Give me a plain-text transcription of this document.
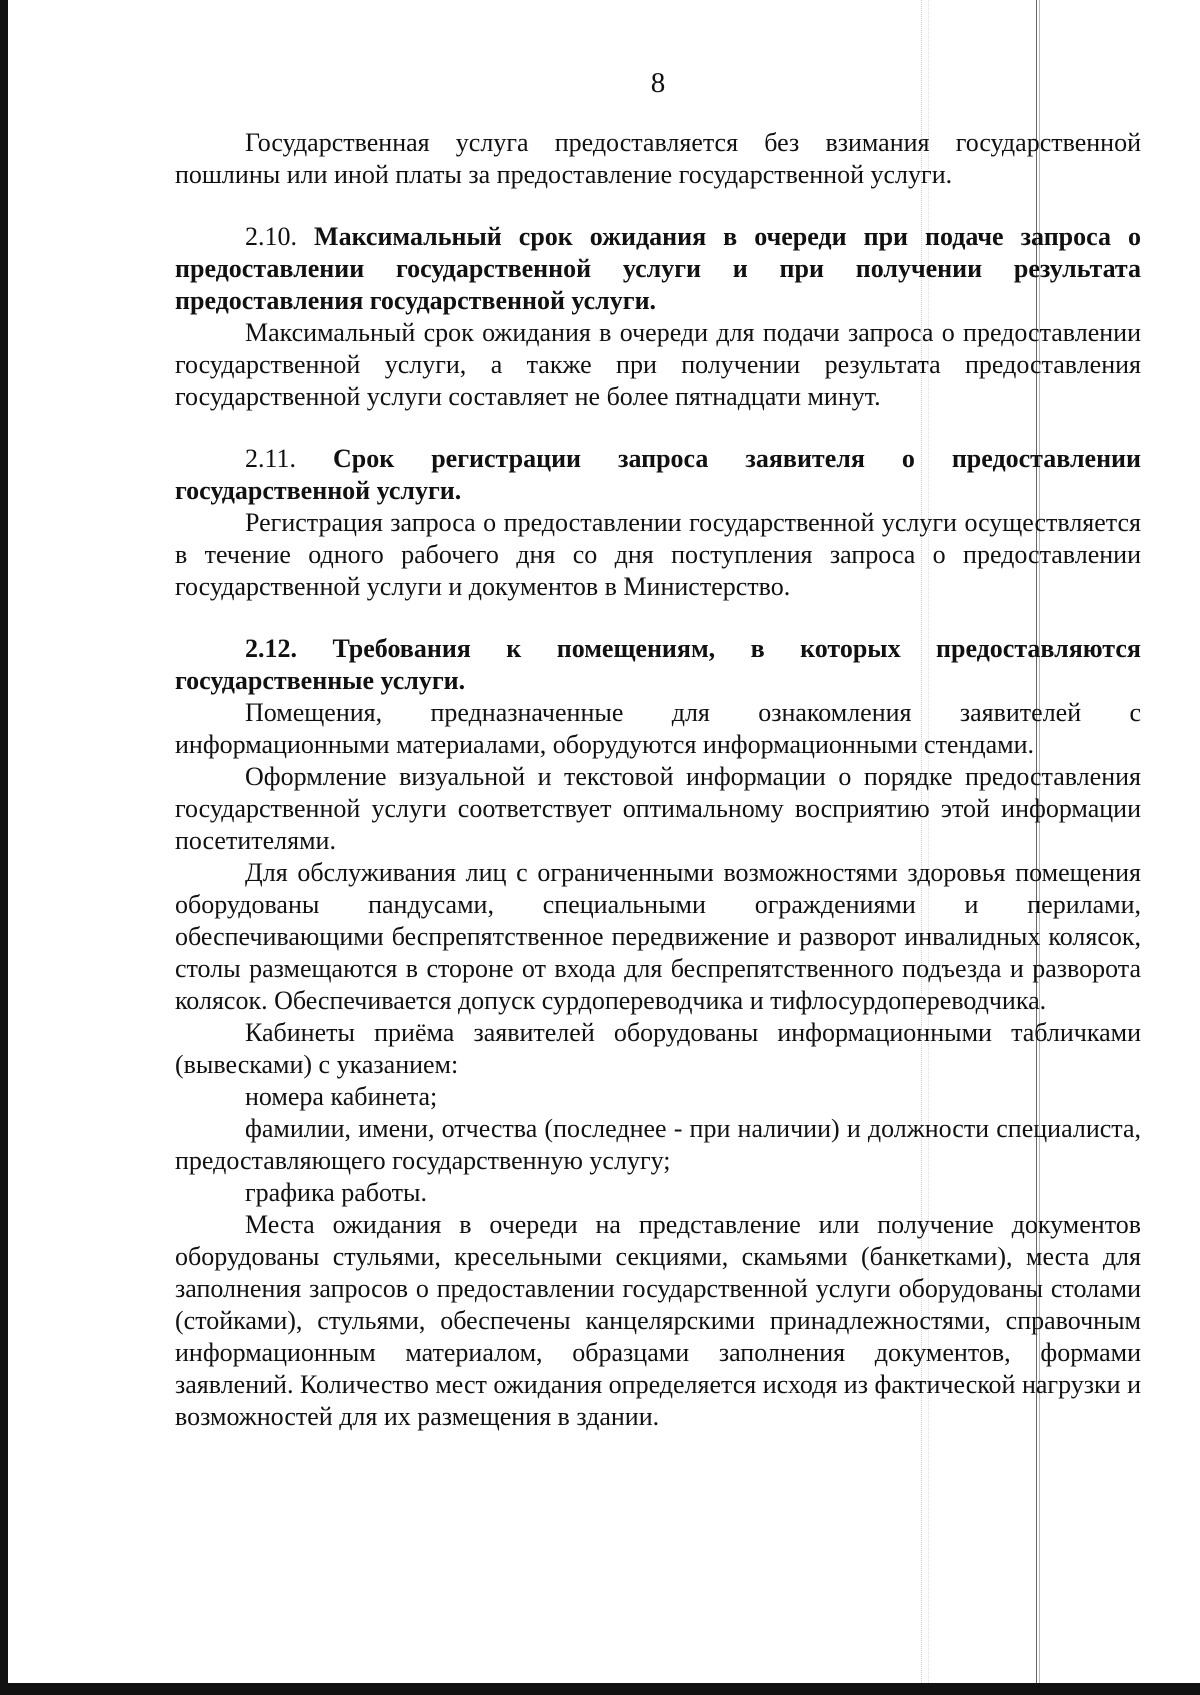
8

Государственная услуга предоставляется без взимания государственной пошлины или иной платы за предоставление государственной услуги.

2.10. Максимальный срок ожидания в очереди при подаче запроса о предоставлении государственной услуги и при получении результата предоставления государственной услуги.

Максимальный срок ожидания в очереди для подачи запроса о предоставлении государственной услуги, а также при получении результата предоставления государственной услуги составляет не более пятнадцати минут.

2.11. Срок регистрации запроса заявителя о предоставлении государственной услуги.

Регистрация запроса о предоставлении государственной услуги осуществляется в течение одного рабочего дня со дня поступления запроса о предоставлении государственной услуги и документов в Министерство.

2.12. Требования к помещениям, в которых предоставляются государственные услуги.

Помещения, предназначенные для ознакомления заявителей с информационными материалами, оборудуются информационными стендами.

Оформление визуальной и текстовой информации о порядке предоставления государственной услуги соответствует оптимальному восприятию этой информации посетителями.

Для обслуживания лиц с ограниченными возможностями здоровья помещения оборудованы пандусами, специальными ограждениями и перилами, обеспечивающими беспрепятственное передвижение и разворот инвалидных колясок, столы размещаются в стороне от входа для беспрепятственного подъезда и разворота колясок. Обеспечивается допуск сурдопереводчика и тифлосурдопереводчика.

Кабинеты приёма заявителей оборудованы информационными табличками (вывесками) с указанием:

номера кабинета;

фамилии, имени, отчества (последнее - при наличии) и должности специалиста, предоставляющего государственную услугу;

графика работы.

Места ожидания в очереди на представление или получение документов оборудованы стульями, кресельными секциями, скамьями (банкетками), места для заполнения запросов о предоставлении государственной услуги оборудованы столами (стойками), стульями, обеспечены канцелярскими принадлежностями, справочным информационным материалом, образцами заполнения документов, формами заявлений. Количество мест ожидания определяется исходя из фактической нагрузки и возможностей для их размещения в здании.
